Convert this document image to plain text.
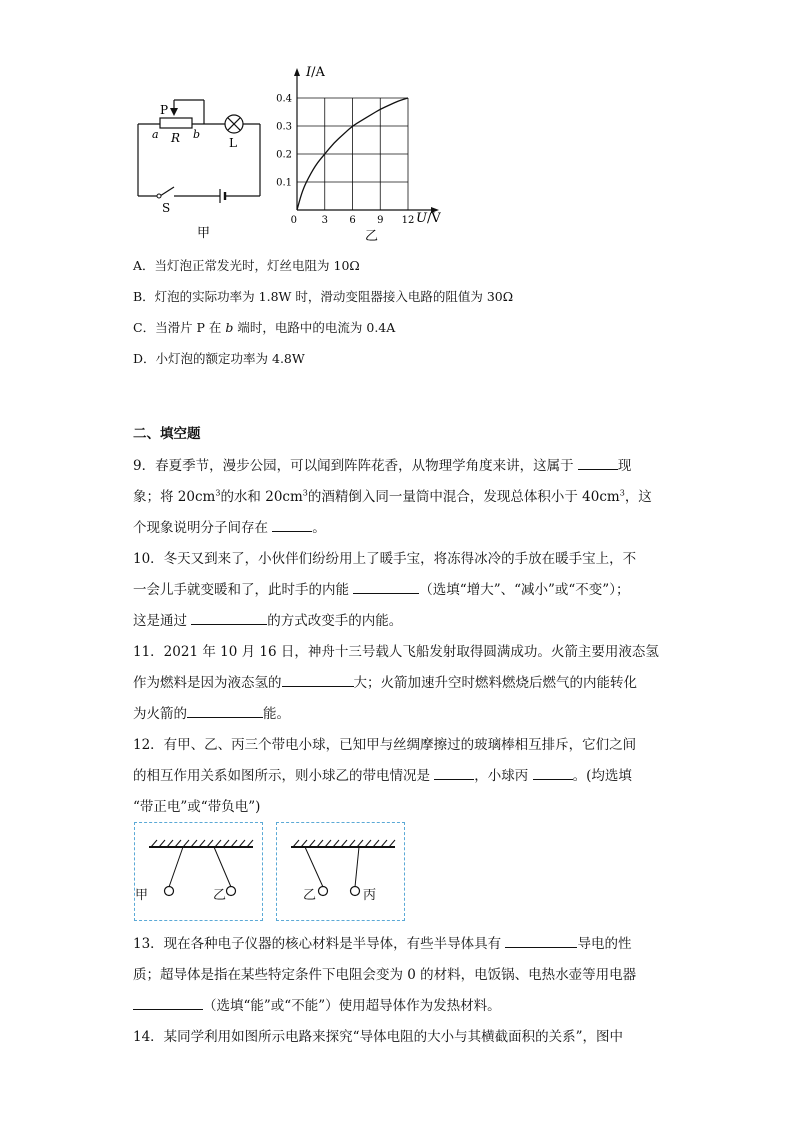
P
a R b
L
S
甲
0 3 6 9 12
0.1
0.2
0.3
0.4
I/A
U/V
乙
A．当灯泡正常发光时，灯丝电阻为 10Ω
B．灯泡的实际功率为 1.8W 时，滑动变阻器接入电路的阻值为 30Ω
C．当滑片 P 在 b 端时，电路中的电流为 0.4A
D．小灯泡的额定功率为 4.8W
二、填空题
9．春夏季节，漫步公园，可以闻到阵阵花香，从物理学角度来讲，这属于	现
象；将 $20cm^3$的水和 $20cm^3$的酒精倒入同一量筒中混合，发现总体积小于 $40cm^3$，这
个现象说明分子间存在	。
10．冬天又到来了，小伙伴们纷纷用上了暖手宝，将冻得冰冷的手放在暖手宝上，不
一会儿手就变暖和了，此时手的内能	（选填“增大”、“减小”或“不变”）；
这是通过	的方式改变手的内能。
11．2021 年 10 月 16 日，神舟十三号载人飞船发射取得圆满成功。火箭主要用液态氢
作为燃料是因为液态氢的	大；火箭加速升空时燃料燃烧后燃气的内能转化
为火箭的	能。
12．有甲、乙、丙三个带电小球，已知甲与丝绸摩擦过的玻璃棒相互排斥，它们之间
的相互作用关系如图所示，则小球乙的带电情况是	，小球丙	。(均选填
“带正电”或“带负电”)
甲	乙	乙	丙
13．现在各种电子仪器的核心材料是半导体，有些半导体具有	导电的性
质；超导体是指在某些特定条件下电阻会变为 0 的材料，电饭锅、电热水壶等用电器
（选填“能”或“不能”）使用超导体作为发热材料。
14．某同学利用如图所示电路来探究“导体电阻的大小与其横截面积的关系”，图中
